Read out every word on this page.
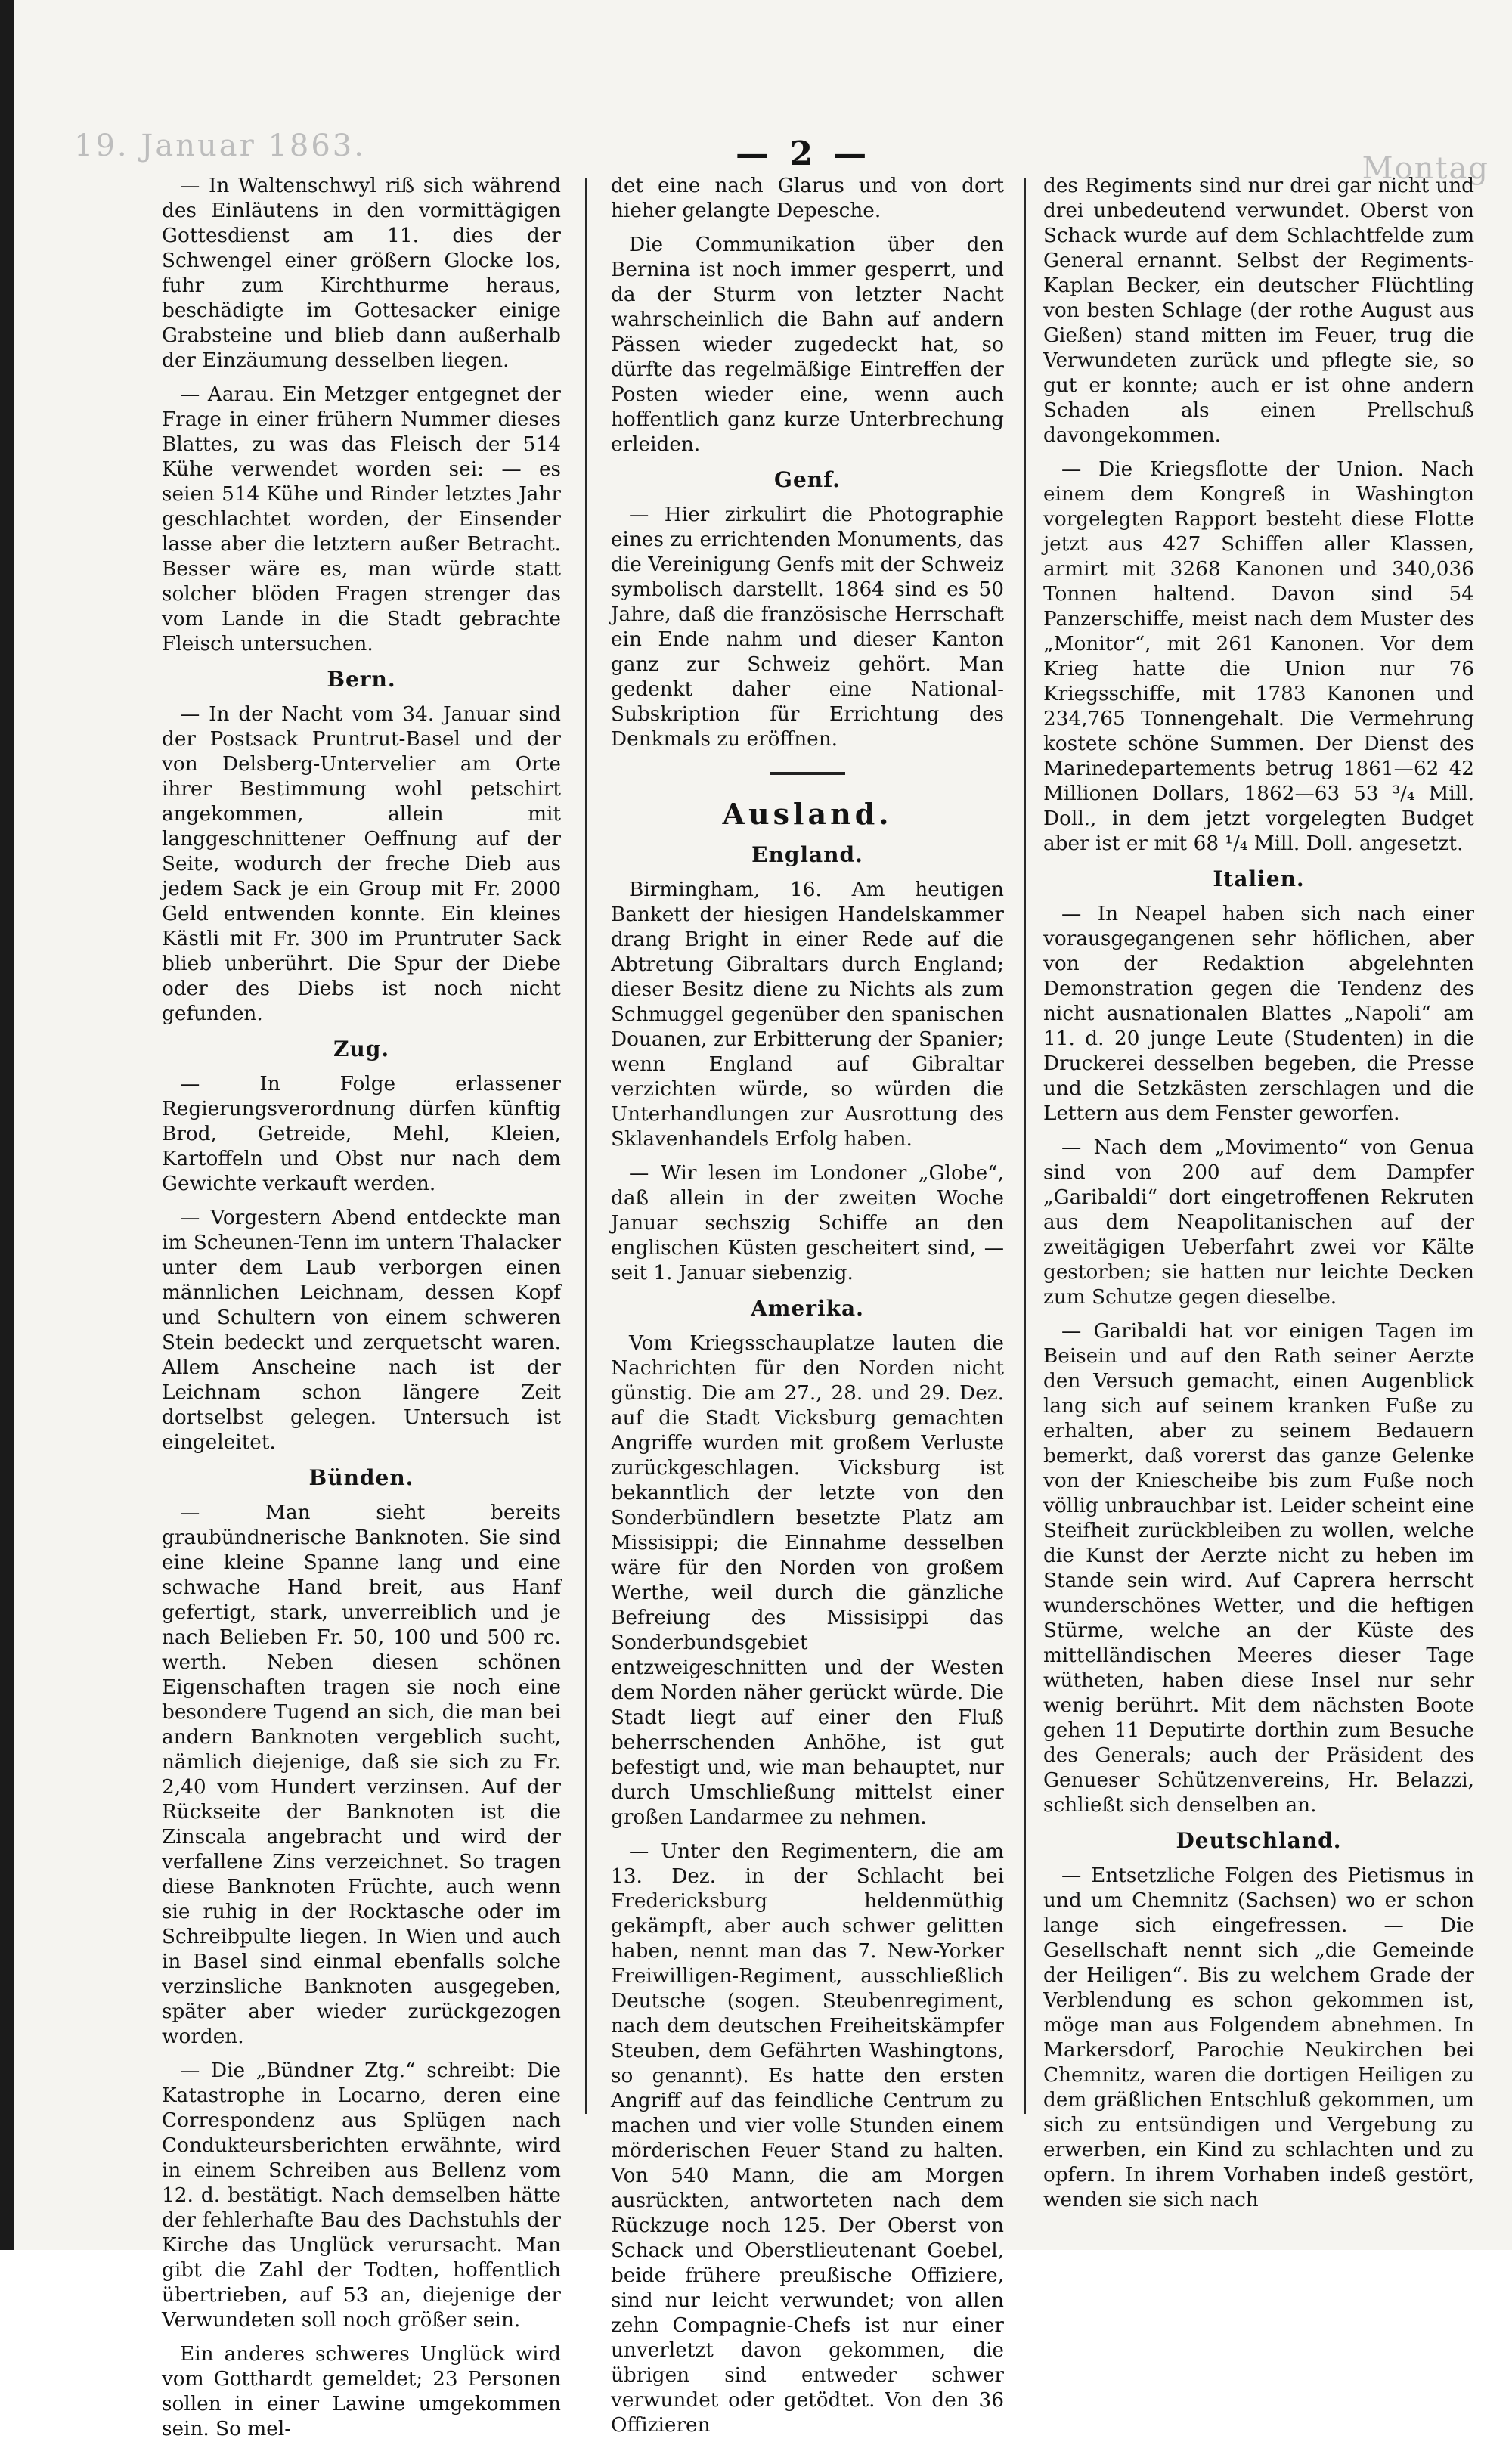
19. Januar 1863.
Montag
— 2 —

— In Waltenschwyl riß sich während des Einläutens in den vormittägigen Gottesdienst am 11. dies der Schwengel einer größern Glocke los, fuhr zum Kirchthurme heraus, beschädigte im Gottesacker einige Grabsteine und blieb dann außerhalb der Einzäumung desselben liegen.

— Aarau. Ein Metzger entgegnet der Frage in einer frühern Nummer dieses Blattes, zu was das Fleisch der 514 Kühe verwendet worden sei: — es seien 514 Kühe und Rinder letztes Jahr geschlachtet worden, der Einsender lasse aber die letztern außer Betracht. Besser wäre es, man würde statt solcher blöden Fragen strenger das vom Lande in die Stadt gebrachte Fleisch untersuchen.

Bern.

— In der Nacht vom 34. Januar sind der Postsack Pruntrut-Basel und der von Delsberg-Untervelier am Orte ihrer Bestimmung wohl petschirt angekommen, allein mit langgeschnittener Oeffnung auf der Seite, wodurch der freche Dieb aus jedem Sack je ein Group mit Fr. 2000 Geld entwenden konnte. Ein kleines Kästli mit Fr. 300 im Pruntruter Sack blieb unberührt. Die Spur der Diebe oder des Diebs ist noch nicht gefunden.

Zug.

— In Folge erlassener Regierungsverordnung dürfen künftig Brod, Getreide, Mehl, Kleien, Kartoffeln und Obst nur nach dem Gewichte verkauft werden.

— Vorgestern Abend entdeckte man im Scheunen-Tenn im untern Thalacker unter dem Laub verborgen einen männlichen Leichnam, dessen Kopf und Schultern von einem schweren Stein bedeckt und zerquetscht waren. Allem Anscheine nach ist der Leichnam schon längere Zeit dortselbst gelegen. Untersuch ist eingeleitet.

Bünden.

— Man sieht bereits graubündnerische Banknoten. Sie sind eine kleine Spanne lang und eine schwache Hand breit, aus Hanf gefertigt, stark, unverreiblich und je nach Belieben Fr. 50, 100 und 500 rc. werth. Neben diesen schönen Eigenschaften tragen sie noch eine besondere Tugend an sich, die man bei andern Banknoten vergeblich sucht, nämlich diejenige, daß sie sich zu Fr. 2,40 vom Hundert verzinsen. Auf der Rückseite der Banknoten ist die Zinscala angebracht und wird der verfallene Zins verzeichnet. So tragen diese Banknoten Früchte, auch wenn sie ruhig in der Rocktasche oder im Schreibpulte liegen. In Wien und auch in Basel sind einmal ebenfalls solche verzinsliche Banknoten ausgegeben, später aber wieder zurückgezogen worden.

— Die „Bündner Ztg.“ schreibt: Die Katastrophe in Locarno, deren eine Correspondenz aus Splügen nach Condukteursberichten erwähnte, wird in einem Schreiben aus Bellenz vom 12. d. bestätigt. Nach demselben hätte der fehlerhafte Bau des Dachstuhls der Kirche das Unglück verursacht. Man gibt die Zahl der Todten, hoffentlich übertrieben, auf 53 an, diejenige der Verwundeten soll noch größer sein.

Ein anderes schweres Unglück wird vom Gotthardt gemeldet; 23 Personen sollen in einer Lawine umgekommen sein. So mel-

det eine nach Glarus und von dort hieher gelangte Depesche.

Die Communikation über den Bernina ist noch immer gesperrt, und da der Sturm von letzter Nacht wahrscheinlich die Bahn auf andern Pässen wieder zugedeckt hat, so dürfte das regelmäßige Eintreffen der Posten wieder eine, wenn auch hoffentlich ganz kurze Unterbrechung erleiden.

Genf.

— Hier zirkulirt die Photographie eines zu errichtenden Monuments, das die Vereinigung Genfs mit der Schweiz symbolisch darstellt. 1864 sind es 50 Jahre, daß die französische Herrschaft ein Ende nahm und dieser Kanton ganz zur Schweiz gehört. Man gedenkt daher eine National-Subskription für Errichtung des Denkmals zu eröffnen.

Ausland.
England.

Birmingham, 16. Am heutigen Bankett der hiesigen Handelskammer drang Bright in einer Rede auf die Abtretung Gibraltars durch England; dieser Besitz diene zu Nichts als zum Schmuggel gegenüber den spanischen Douanen, zur Erbitterung der Spanier; wenn England auf Gibraltar verzichten würde, so würden die Unterhandlungen zur Ausrottung des Sklavenhandels Erfolg haben.

— Wir lesen im Londoner „Globe“, daß allein in der zweiten Woche Januar sechszig Schiffe an den englischen Küsten gescheitert sind, — seit 1. Januar siebenzig.

Amerika.

Vom Kriegsschauplatze lauten die Nachrichten für den Norden nicht günstig. Die am 27., 28. und 29. Dez. auf die Stadt Vicksburg gemachten Angriffe wurden mit großem Verluste zurückgeschlagen. Vicksburg ist bekanntlich der letzte von den Sonderbündlern besetzte Platz am Missisippi; die Einnahme desselben wäre für den Norden von großem Werthe, weil durch die gänzliche Befreiung des Missisippi das Sonderbundsgebiet entzweigeschnitten und der Westen dem Norden näher gerückt würde. Die Stadt liegt auf einer den Fluß beherrschenden Anhöhe, ist gut befestigt und, wie man behauptet, nur durch Umschließung mittelst einer großen Landarmee zu nehmen.

— Unter den Regimentern, die am 13. Dez. in der Schlacht bei Fredericksburg heldenmüthig gekämpft, aber auch schwer gelitten haben, nennt man das 7. New-Yorker Freiwilligen-Regiment, ausschließlich Deutsche (sogen. Steubenregiment, nach dem deutschen Freiheitskämpfer Steuben, dem Gefährten Washingtons, so genannt). Es hatte den ersten Angriff auf das feindliche Centrum zu machen und vier volle Stunden einem mörderischen Feuer Stand zu halten. Von 540 Mann, die am Morgen ausrückten, antworteten nach dem Rückzuge noch 125. Der Oberst von Schack und Oberstlieutenant Goebel, beide frühere preußische Offiziere, sind nur leicht verwundet; von allen zehn Compagnie-Chefs ist nur einer unverletzt davon gekommen, die übrigen sind entweder schwer verwundet oder getödtet. Von den 36 Offizieren

des Regiments sind nur drei gar nicht und drei unbedeutend verwundet. Oberst von Schack wurde auf dem Schlachtfelde zum General ernannt. Selbst der Regiments-Kaplan Becker, ein deutscher Flüchtling von besten Schlage (der rothe August aus Gießen) stand mitten im Feuer, trug die Verwundeten zurück und pflegte sie, so gut er konnte; auch er ist ohne andern Schaden als einen Prellschuß davongekommen.

— Die Kriegsflotte der Union. Nach einem dem Kongreß in Washington vorgelegten Rapport besteht diese Flotte jetzt aus 427 Schiffen aller Klassen, armirt mit 3268 Kanonen und 340,036 Tonnen haltend. Davon sind 54 Panzerschiffe, meist nach dem Muster des „Monitor“, mit 261 Kanonen. Vor dem Krieg hatte die Union nur 76 Kriegsschiffe, mit 1783 Kanonen und 234,765 Tonnengehalt. Die Vermehrung kostete schöne Summen. Der Dienst des Marinedepartements betrug 1861—62 42 Millionen Dollars, 1862—63 53 ³/₄ Mill. Doll., in dem jetzt vorgelegten Budget aber ist er mit 68 ¹/₄ Mill. Doll. angesetzt.

Italien.

— In Neapel haben sich nach einer vorausgegangenen sehr höflichen, aber von der Redaktion abgelehnten Demonstration gegen die Tendenz des nicht ausnationalen Blattes „Napoli“ am 11. d. 20 junge Leute (Studenten) in die Druckerei desselben begeben, die Presse und die Setzkästen zerschlagen und die Lettern aus dem Fenster geworfen.

— Nach dem „Movimento“ von Genua sind von 200 auf dem Dampfer „Garibaldi“ dort eingetroffenen Rekruten aus dem Neapolitanischen auf der zweitägigen Ueberfahrt zwei vor Kälte gestorben; sie hatten nur leichte Decken zum Schutze gegen dieselbe.

— Garibaldi hat vor einigen Tagen im Beisein und auf den Rath seiner Aerzte den Versuch gemacht, einen Augenblick lang sich auf seinem kranken Fuße zu erhalten, aber zu seinem Bedauern bemerkt, daß vorerst das ganze Gelenke von der Kniescheibe bis zum Fuße noch völlig unbrauchbar ist. Leider scheint eine Steifheit zurückbleiben zu wollen, welche die Kunst der Aerzte nicht zu heben im Stande sein wird. Auf Caprera herrscht wunderschönes Wetter, und die heftigen Stürme, welche an der Küste des mittelländischen Meeres dieser Tage wütheten, haben diese Insel nur sehr wenig berührt. Mit dem nächsten Boote gehen 11 Deputirte dorthin zum Besuche des Generals; auch der Präsident des Genueser Schützenvereins, Hr. Belazzi, schließt sich denselben an.

Deutschland.

— Entsetzliche Folgen des Pietismus in und um Chemnitz (Sachsen) wo er schon lange sich eingefressen. — Die Gesellschaft nennt sich „die Gemeinde der Heiligen“. Bis zu welchem Grade der Verblendung es schon gekommen ist, möge man aus Folgendem abnehmen. In Markersdorf, Parochie Neukirchen bei Chemnitz, waren die dortigen Heiligen zu dem gräßlichen Entschluß gekommen, um sich zu entsündigen und Vergebung zu erwerben, ein Kind zu schlachten und zu opfern. In ihrem Vorhaben indeß gestört, wenden sie sich nach
